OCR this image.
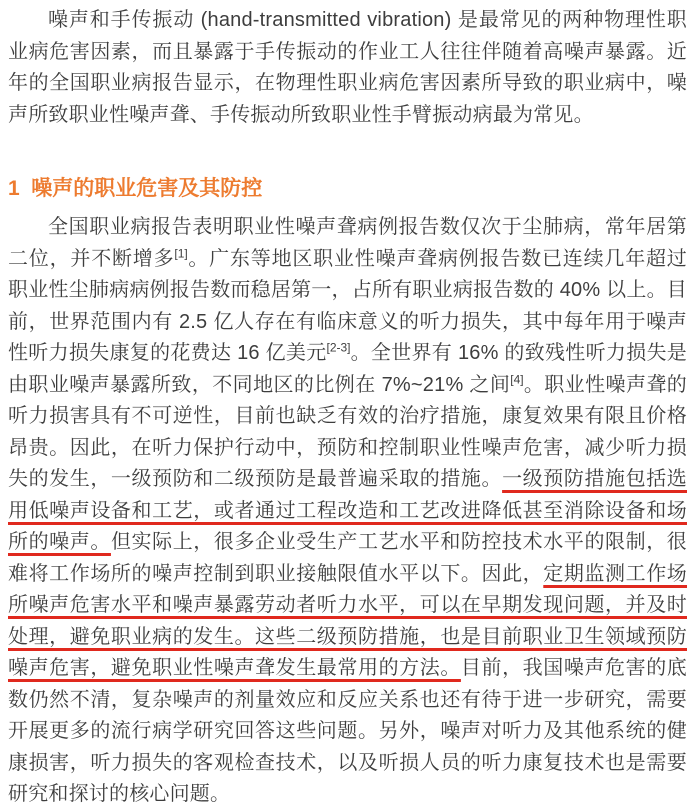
噪声和手传振动 (hand-transmitted vibration) 是最常见的两种物理性职业病危害因素，而且暴露于手传振动的作业工人往往伴随着高噪声暴露。近年的全国职业病报告显示，在物理性职业病危害因素所导致的职业病中，噪声所致职业性噪声聋、手传振动所致职业性手臂振动病最为常见。

1 噪声的职业危害及其防控

全国职业病报告表明职业性噪声聋病例报告数仅次于尘肺病，常年居第二位，并不断增多[1]。广东等地区职业性噪声聋病例报告数已连续几年超过职业性尘肺病病例报告数而稳居第一，占所有职业病报告数的 40% 以上。目前，世界范围内有 2.5 亿人存在有临床意义的听力损失，其中每年用于噪声性听力损失康复的花费达 16 亿美元[2-3]。全世界有 16% 的致残性听力损失是由职业噪声暴露所致，不同地区的比例在 7%~21% 之间[4]。职业性噪声聋的听力损害具有不可逆性，目前也缺乏有效的治疗措施，康复效果有限且价格昂贵。因此，在听力保护行动中，预防和控制职业性噪声危害，减少听力损失的发生，一级预防和二级预防是最普遍采取的措施。一级预防措施包括选用低噪声设备和工艺，或者通过工程改造和工艺改进降低甚至消除设备和场所的噪声。但实际上，很多企业受生产工艺水平和防控技术水平的限制，很难将工作场所的噪声控制到职业接触限值水平以下。因此，定期监测工作场所噪声危害水平和噪声暴露劳动者听力水平，可以在早期发现问题，并及时处理，避免职业病的发生。这些二级预防措施，也是目前职业卫生领域预防噪声危害，避免职业性噪声聋发生最常用的方法。目前，我国噪声危害的底数仍然不清，复杂噪声的剂量效应和反应关系也还有待于进一步研究，需要开展更多的流行病学研究回答这些问题。另外，噪声对听力及其他系统的健康损害，听力损失的客观检查技术，以及听损人员的听力康复技术也是需要研究和探讨的核心问题。
